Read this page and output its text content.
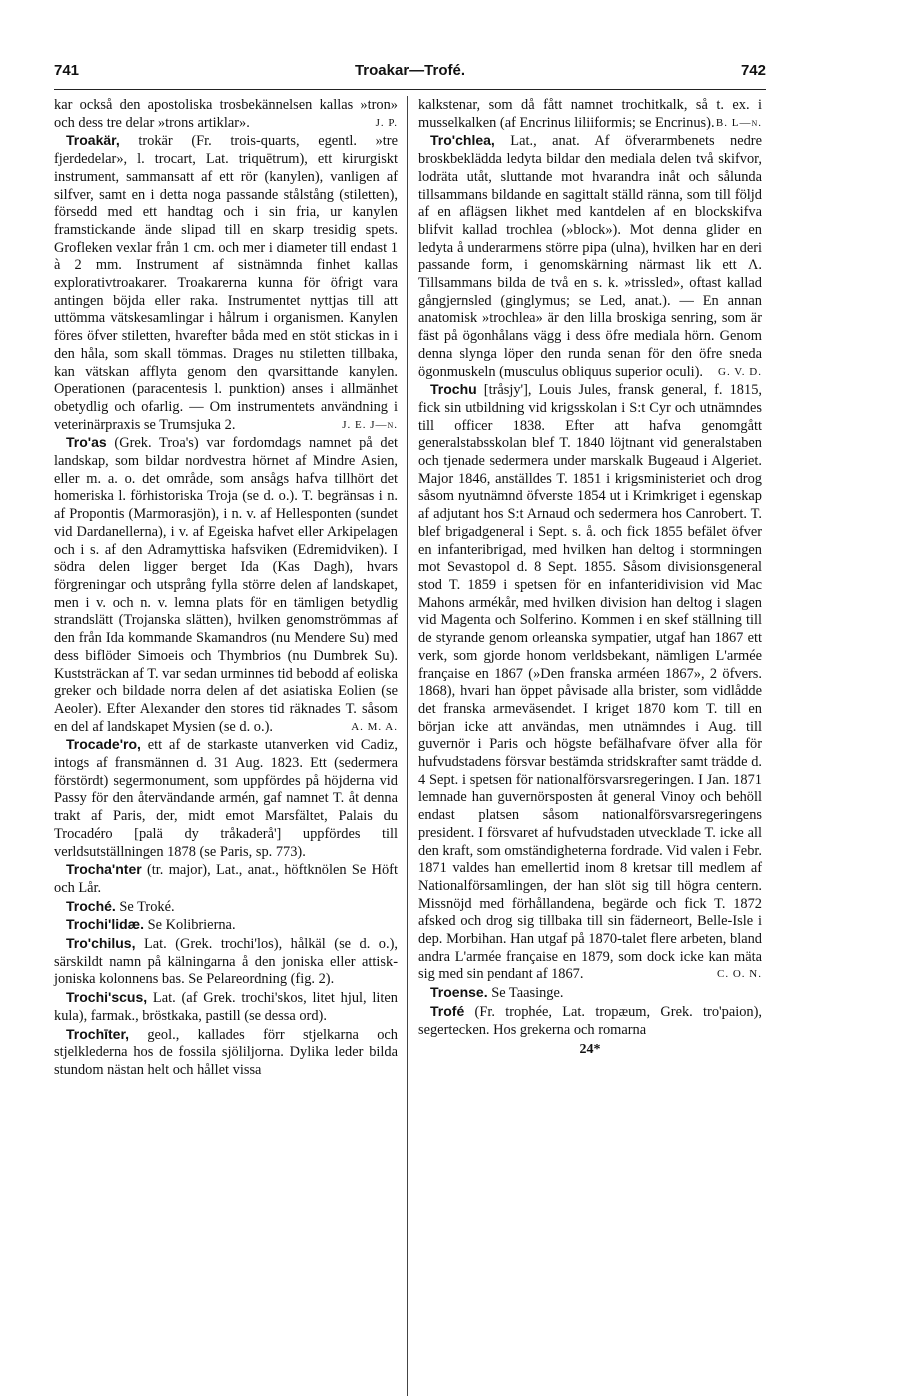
741	Troakar—Trofé.	742

kar också den apostoliska trosbekännelsen kallas »tron» och dess tre delar »trons artiklar».	J. P.

Troakär, trokär (Fr. trois-quarts, egentl. »tre fjerdedelar», l. trocart, Lat. triquētrum), ett kirurgiskt instrument, sammansatt af ett rör (kanylen), vanligen af silfver, samt en i detta noga passande stålstång (stiletten), försedd med ett handtag och i sin fria, ur kanylen framstickande ände slipad till en skarp tresidig spets. Grofleken vexlar från 1 cm. och mer i diameter till endast 1 à 2 mm. Instrument af sistnämnda finhet kallas explorativtroakarer. Troakarerna kunna för öfrigt vara antingen böjda eller raka. Instrumentet nyttjas till att uttömma vätskesamlingar i hålrum i organismen. Kanylen föres öfver stiletten, hvarefter båda med en stöt stickas in i den håla, som skall tömmas. Drages nu stiletten tillbaka, kan vätskan afflyta genom den qvarsittande kanylen. Operationen (paracentesis l. punktion) anses i allmänhet obetydlig och ofarlig. — Om instrumentets användning i veterinärpraxis se Trumsjuka 2.	J. E. J—n.

Tro'as (Grek. Troa's) var fordomdags namnet på det landskap, som bildar nordvestra hörnet af Mindre Asien, eller m. a. o. det område, som ansågs hafva tillhört det homeriska l. förhistoriska Troja (se d. o.). T. begränsas i n. af Propontis (Marmorasjön), i n. v. af Hellesponten (sundet vid Dardanellerna), i v. af Egeiska hafvet eller Arkipelagen och i s. af den Adramyttiska hafsviken (Edremidviken). I södra delen ligger berget Ida (Kas Dagh), hvars förgreningar och utsprång fylla större delen af landskapet, men i v. och n. v. lemna plats för en tämligen betydlig strandslätt (Trojanska slätten), hvilken genomströmmas af den från Ida kommande Skamandros (nu Mendere Su) med dess biflöder Simoeis och Thymbrios (nu Dumbrek Su). Kuststräckan af T. var sedan urminnes tid bebodd af eoliska greker och bildade norra delen af det asiatiska Eolien (se Aeoler). Efter Alexander den stores tid räknades T. såsom en del af landskapet Mysien (se d. o.).	A. M. A.

Trocade'ro, ett af de starkaste utanverken vid Cadiz, intogs af fransmännen d. 31 Aug. 1823. Ett (sedermera förstördt) segermonument, som uppfördes på höjderna vid Passy för den återvändande armén, gaf namnet T. åt denna trakt af Paris, der, midt emot Marsfältet, Palais du Trocadéro [palä dy tråkaderå'] uppfördes till verldsutställningen 1878 (se Paris, sp. 773).

Trocha'nter (tr. major), Lat., anat., höftknölen Se Höft och Lår.

Troché. Se Troké.

Trochi'lidæ. Se Kolibrierna.

Tro'chilus, Lat. (Grek. trochi'los), hålkäl (se d. o.), särskildt namn på kälningarna å den joniska eller attisk-joniska kolonnens bas. Se Pelareordning (fig. 2).

Trochi'scus, Lat. (af Grek. trochi'skos, litet hjul, liten kula), farmak., bröstkaka, pastill (se dessa ord).

Trochīter, geol., kallades förr stjelkarna och stjelklederna hos de fossila sjöliljorna. Dylika leder bilda stundom nästan helt och hållet vissa

kalkstenar, som då fått namnet trochitkalk, så t. ex. i musselkalken (af Encrinus liliiformis; se Encrinus). B. L—n.

Tro'chlea, Lat., anat. Af öfverarmbenets nedre broskbeklädda ledyta bildar den mediala delen två skifvor, lodräta utåt, sluttande mot hvarandra inåt och sålunda tillsammans bildande en sagittalt ställd ränna, som till följd af en aflägsen likhet med kantdelen af en blockskifva blifvit kallad trochlea (»block»). Mot denna glider en ledyta å underarmens större pipa (ulna), hvilken har en deri passande form, i genomskärning närmast lik ett Λ. Tillsammans bilda de två en s. k. »trissled», oftast kallad gångjernsled (ginglymus; se Led, anat.). — En annan anatomisk »trochlea» är den lilla broskiga senring, som är fäst på ögonhålans vägg i dess öfre mediala hörn. Genom denna slynga löper den runda senan för den öfre sneda ögonmuskeln (musculus obliquus superior oculi).	G. V. D.

Trochu [tråsjy'], Louis Jules, fransk general, f. 1815, fick sin utbildning vid krigsskolan i S:t Cyr och utnämndes till officer 1838. Efter att hafva genomgått generalstabsskolan blef T. 1840 löjtnant vid generalstaben och tjenade sedermera under marskalk Bugeaud i Algeriet. Major 1846, anställdes T. 1851 i krigsministeriet och drog såsom nyutnämnd öfverste 1854 ut i Krimkriget i egenskap af adjutant hos S:t Arnaud och sedermera hos Canrobert. T. blef brigadgeneral i Sept. s. å. och fick 1855 befälet öfver en infanteribrigad, med hvilken han deltog i stormningen mot Sevastopol d. 8 Sept. 1855. Såsom divisionsgeneral stod T. 1859 i spetsen för en infanteridivision vid Mac Mahons armékår, med hvilken division han deltog i slagen vid Magenta och Solferino. Kommen i en skef ställning till de styrande genom orleanska sympatier, utgaf han 1867 ett verk, som gjorde honom verldsbekant, nämligen L'armée française en 1867 (»Den franska arméen 1867», 2 öfvers. 1868), hvari han öppet påvisade alla brister, som vidlådde det franska armeväsendet. I kriget 1870 kom T. till en början icke att användas, men utnämndes i Aug. till guvernör i Paris och högste befälhafvare öfver alla för hufvudstadens försvar bestämda stridskrafter samt trädde d. 4 Sept. i spetsen för nationalförsvarsregeringen. I Jan. 1871 lemnade han guvernörsposten åt general Vinoy och behöll endast platsen såsom nationalförsvarsregeringens president. I försvaret af hufvudstaden utvecklade T. icke all den kraft, som omständigheterna fordrade. Vid valen i Febr. 1871 valdes han emellertid inom 8 kretsar till medlem af Nationalförsamlingen, der han slöt sig till högra centern. Missnöjd med förhållandena, begärde och fick T. 1872 afsked och drog sig tillbaka till sin fäderneort, Belle-Isle i dep. Morbihan. Han utgaf på 1870-talet flere arbeten, bland andra L'armée française en 1879, som dock icke kan mäta sig med sin pendant af 1867.	C. O. N.

Troense. Se Taasinge.

Trofé (Fr. trophée, Lat. tropæum, Grek. tro'paion), segertecken. Hos grekerna och romarna

24*
